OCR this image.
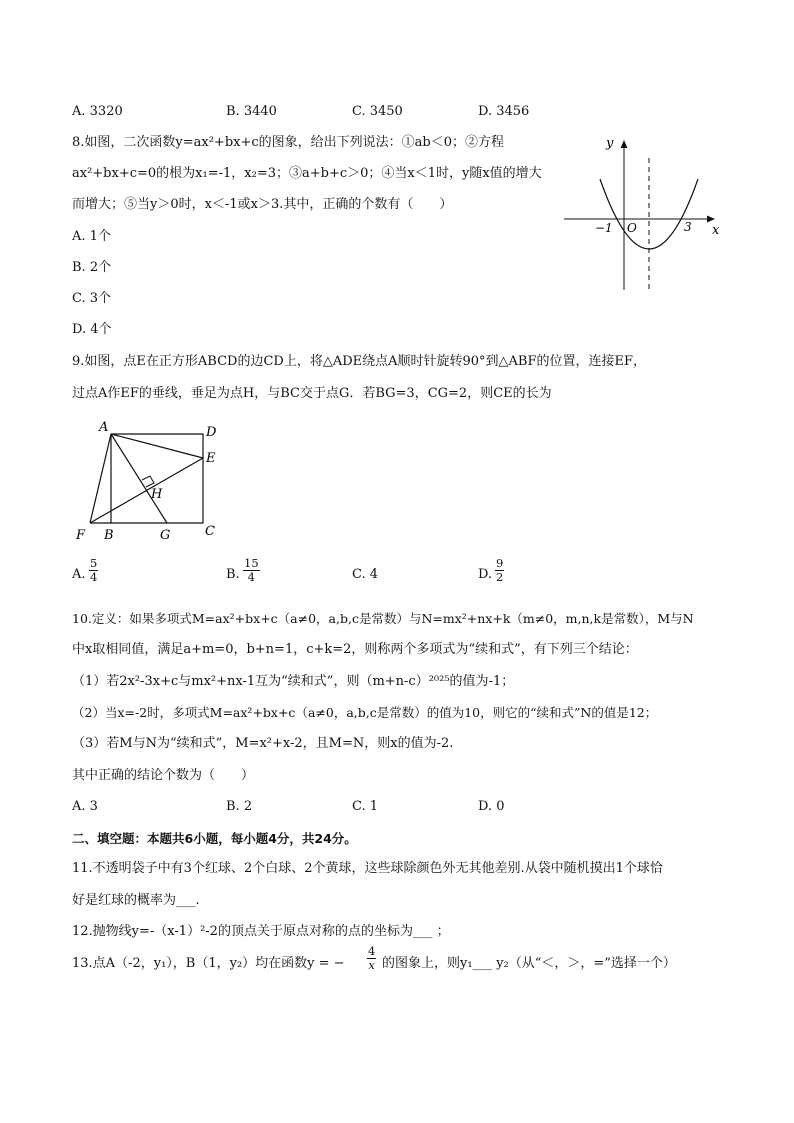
A. 3320	B. 3440	C. 3450	D. 3456
8.如图，二次函数y=ax²+bx+c的图象，给出下列说法：①ab＜0；②方程
ax²+bx+c=0的根为x₁=-1，x₂=3；③a+b+c＞0；④当x＜1时，y随x值的增大
而增大；⑤当y＞0时，x＜-1或x＞3.其中，正确的个数有（　　）
A. 1个
B. 2个
C. 3个
D. 4个
y
x
O
−1	3
9.如图，点E在正方形ABCD的边CD上，将△ADE绕点A顺时针旋转90°到△ABF的位置，连接EF，
过点A作EF的垂线，垂足为点H，与BC交于点G．若BG=3，CG=2，则CE的长为
A	D
E
H
F B	G	C
A. $\frac{5}{4}$	B. $\frac{15}{4}$	C. 4	D. $\frac{9}{2}$
10.定义：如果多项式M=ax²+bx+c（a≠0，a,b,c是常数）与N=mx²+nx+k（m≠0，m,n,k是常数），M与N
中x取相同值，满足a+m=0，b+n=1，c+k=2，则称两个多项式为“续和式”，有下列三个结论：
（1）若2x²-3x+c与mx²+nx-1互为“续和式”，则（m+n-c）²⁰²⁵的值为-1；
（2）当x=-2时，多项式M=ax²+bx+c（a≠0，a,b,c是常数）的值为10，则它的“续和式”N的值是12；
（3）若M与N为“续和式”，M=x²+x-2，且M=N，则x的值为-2.
其中正确的结论个数为（　　）
A. 3	B. 2	C. 1	D. 0
二、填空题：本题共6小题，每小题4分，共24分。
11.不透明袋子中有3个红球、2个白球、2个黄球，这些球除颜色外无其他差别.从袋中随机摸出1个球恰
好是红球的概率为___.
12.抛物线y=-（x-1）²-2的顶点关于原点对称的点的坐标为___ ；
13.点A（-2，y₁），B（1，y₂）均在函数y = − $\frac{4}{x}$ 的图象上，则y₁___ y₂（从“＜，＞，=”选择一个）
